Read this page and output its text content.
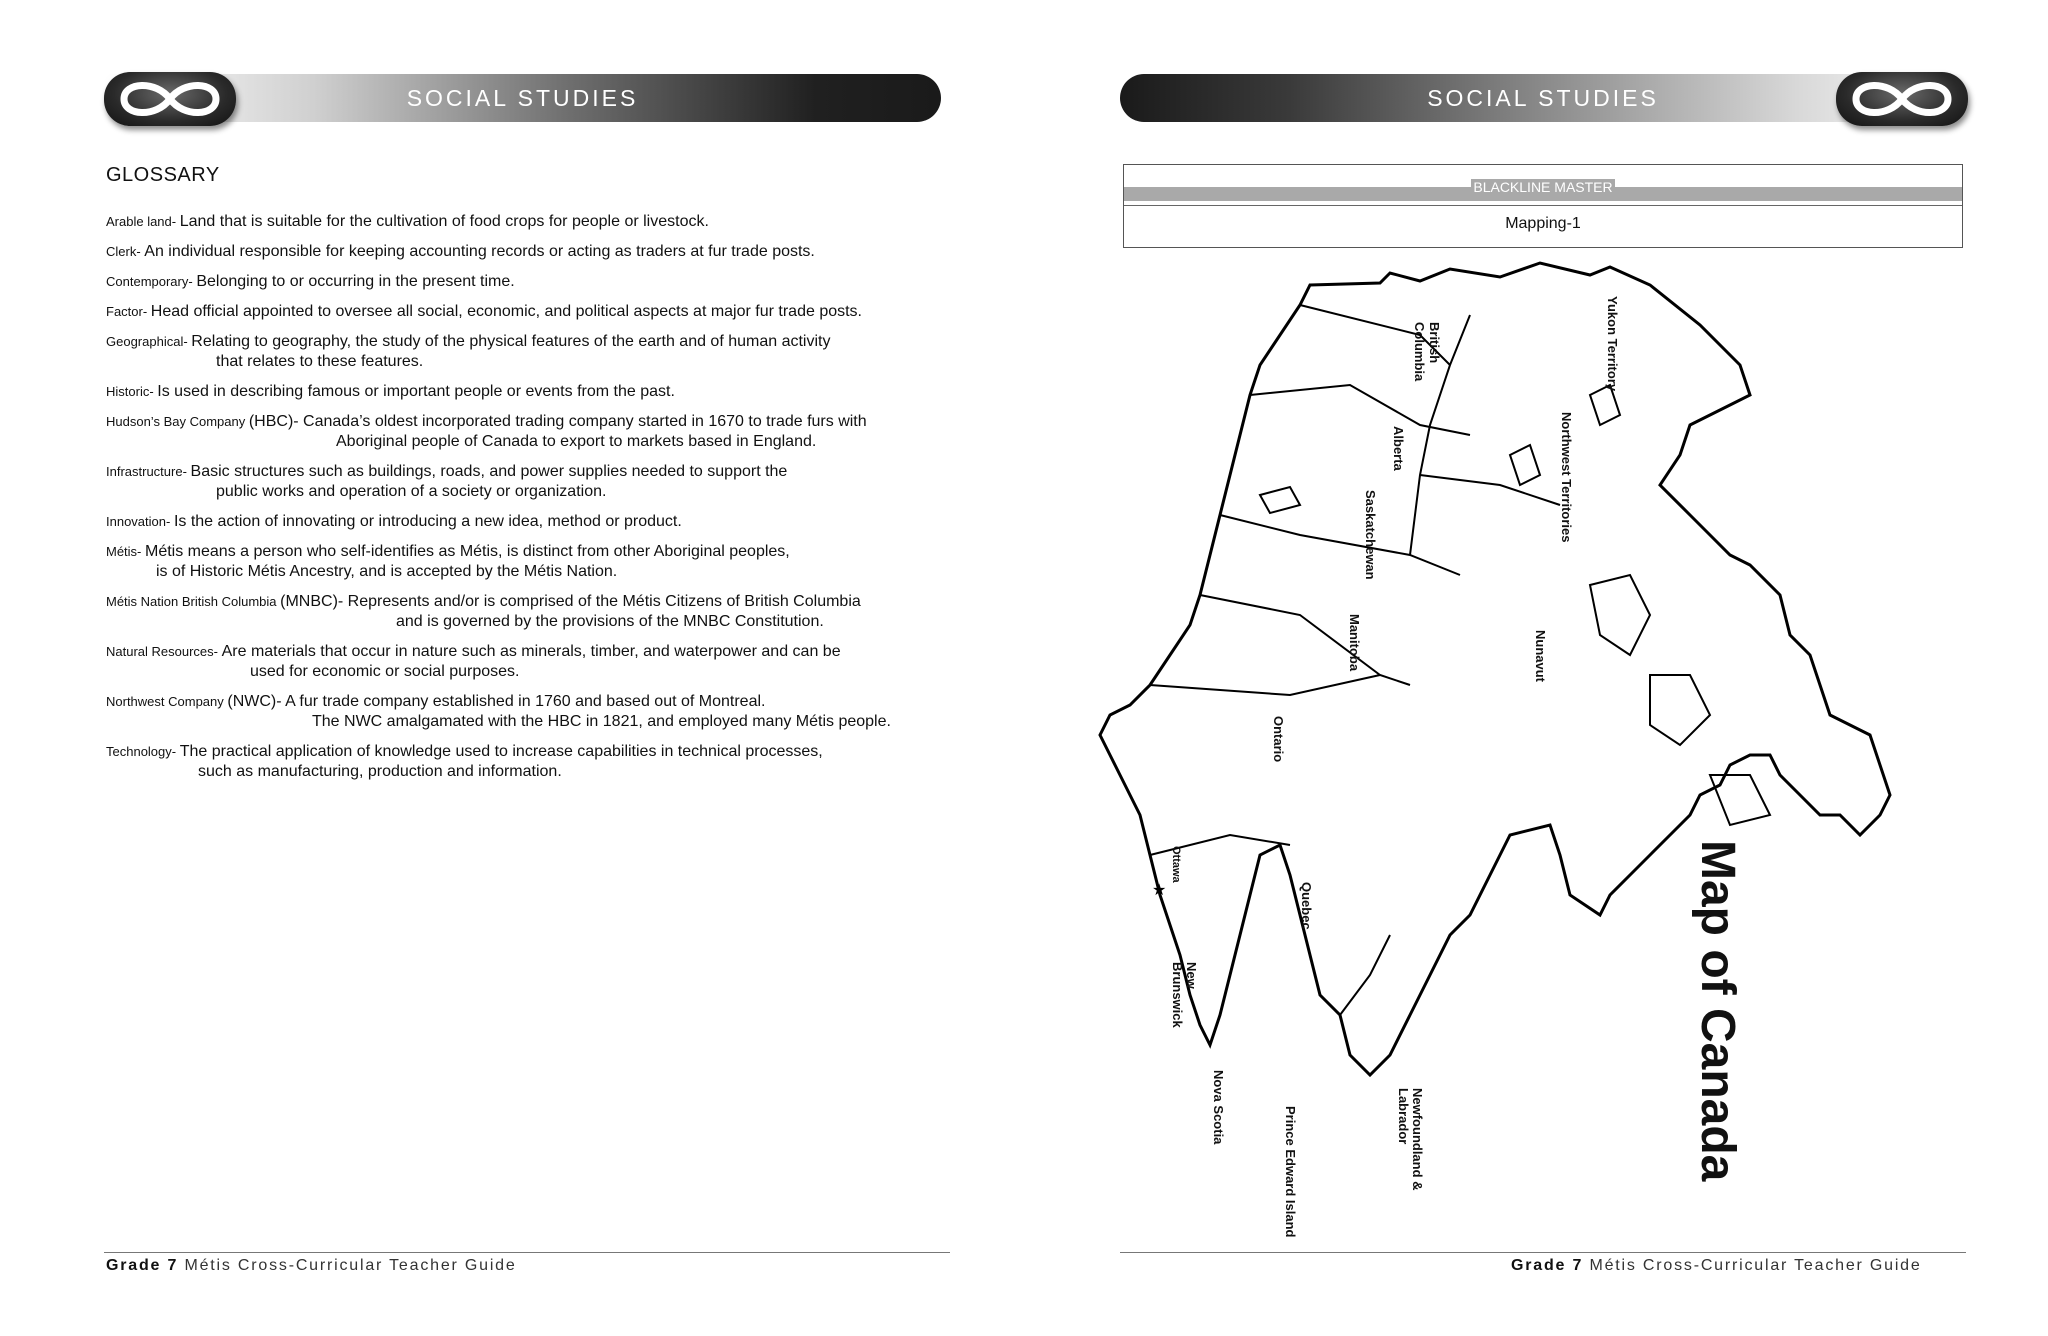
SOCIAL STUDIES
GLOSSARY
Arable land- Land that is suitable for the cultivation of food crops for people or livestock.
Clerk- An individual responsible for keeping accounting records or acting as traders at fur trade posts.
Contemporary- Belonging to or occurring in the present time.
Factor- Head official appointed to oversee all social, economic, and political aspects at major fur trade posts.
Geographical- Relating to geography, the study of the physical features of the earth and of human activity
that relates to these features.
Historic- Is used in describing famous or important people or events from the past.
Hudson’s Bay Company (HBC)- Canada’s oldest incorporated trading company started in 1670 to trade furs with
Aboriginal people of Canada to export to markets based in England.
Infrastructure- Basic structures such as buildings, roads, and power supplies needed to support the
public works and operation of a society or organization.
Innovation- Is the action of innovating or introducing a new idea, method or product.
Métis- Métis means a person who self-identifies as Métis, is distinct from other Aboriginal peoples,
is of Historic Métis Ancestry, and is accepted by the Métis Nation.
Métis Nation British Columbia (MNBC)- Represents and/or is comprised of the Métis Citizens of British Columbia
and is governed by the provisions of the MNBC Constitution.
Natural Resources- Are materials that occur in nature such as minerals, timber, and waterpower and can be
used for economic or social purposes.
Northwest Company (NWC)- A fur trade company established in 1760 and based out of Montreal.
The NWC amalgamated with the HBC in 1821, and employed many Métis people.
Technology- The practical application of knowledge used to increase capabilities in technical processes,
such as manufacturing, production and information.
Grade 7 Métis Cross-Curricular Teacher Guide
SOCIAL STUDIES
BLACKLINE MASTER
Mapping-1
★
Yukon Territory
British Columbia
Alberta	Northwest Territories
Saskatchewan
Manitoba	Nunavut
Ontario
Ottawa
Quebec
New Brunswick
Nova Scotia	Prince Edward Island	Newfoundland & Labrador	Map of Canada
Grade 7 Métis Cross-Curricular Teacher Guide
